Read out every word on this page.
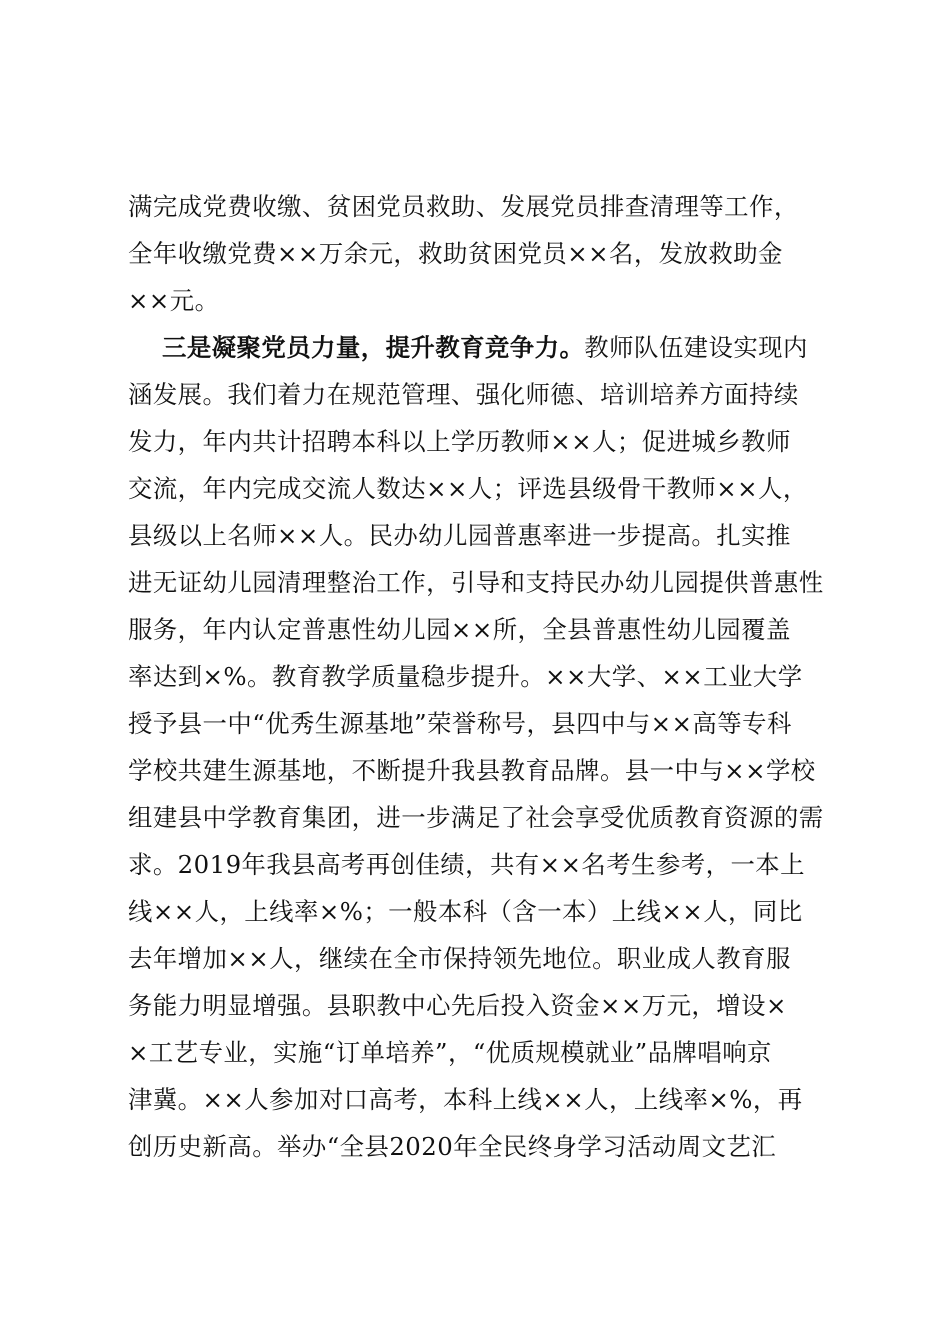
满完成党费收缴、贫困党员救助、发展党员排查清理等工作，
全年收缴党费××万余元，救助贫困党员××名，发放救助金
××元。
三是凝聚党员力量，提升教育竞争力。教师队伍建设实现内
涵发展。我们着力在规范管理、强化师德、培训培养方面持续
发力，年内共计招聘本科以上学历教师××人；促进城乡教师
交流，年内完成交流人数达××人；评选县级骨干教师××人，
县级以上名师××人。民办幼儿园普惠率进一步提高。扎实推
进无证幼儿园清理整治工作，引导和支持民办幼儿园提供普惠性
服务，年内认定普惠性幼儿园××所，全县普惠性幼儿园覆盖
率达到×%。教育教学质量稳步提升。××大学、××工业大学
授予县一中“优秀生源基地”荣誉称号，县四中与××高等专科
学校共建生源基地，不断提升我县教育品牌。县一中与××学校
组建县中学教育集团，进一步满足了社会享受优质教育资源的需
求。2019年我县高考再创佳绩，共有××名考生参考，一本上
线××人，上线率×%；一般本科（含一本）上线××人，同比
去年增加××人，继续在全市保持领先地位。职业成人教育服
务能力明显增强。县职教中心先后投入资金××万元，增设×
×工艺专业，实施“订单培养”，“优质规模就业”品牌唱响京
津冀。××人参加对口高考，本科上线××人，上线率×%，再
创历史新高。举办“全县2020年全民终身学习活动周文艺汇
